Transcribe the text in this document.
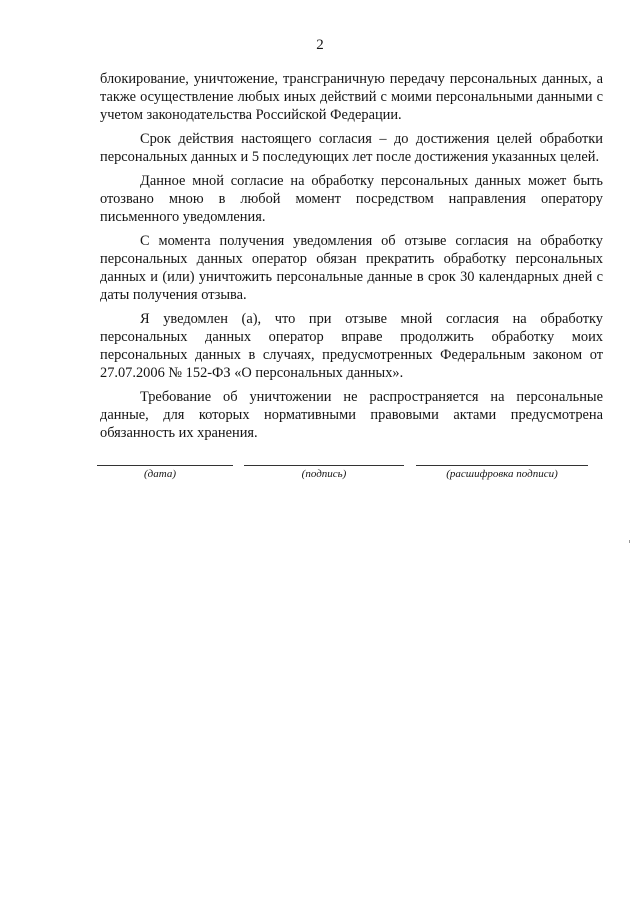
2

блокирование, уничтожение, трансграничную передачу персональных данных, а также осуществление любых иных действий с моими персональными данными с учетом законодательства Российской Федерации.

Срок действия настоящего согласия – до достижения целей обработки персональных данных и 5 последующих лет после достижения указанных целей.

Данное мной согласие на обработку персональных данных может быть отозвано мною в любой момент посредством направления оператору письменного уведомления.

С момента получения уведомления об отзыве согласия на обработку персональных данных оператор обязан прекратить обработку персональных данных и (или) уничтожить персональные данные в срок 30 календарных дней с даты получения отзыва.

Я уведомлен (а), что при отзыве мной согласия на обработку персональных данных оператор вправе продолжить обработку моих персональных данных в случаях, предусмотренных Федеральным законом от 27.07.2006 № 152-ФЗ «О персональных данных».

Требование об уничтожении не распространяется на персональные данные, для которых нормативными правовыми актами предусмотрена обязанность их хранения.

(дата)	(подпись)	(расшифровка подписи)
